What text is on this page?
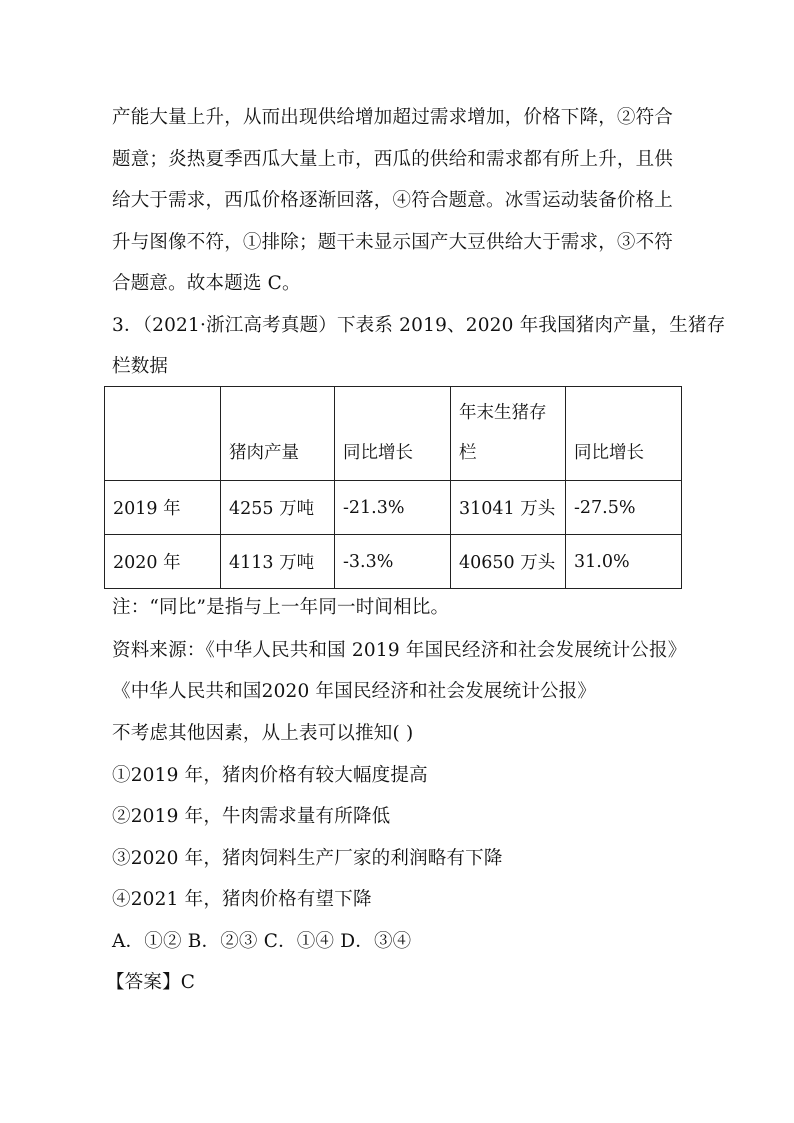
产能大量上升，从而出现供给增加超过需求增加，价格下降，②符合
题意；炎热夏季西瓜大量上市，西瓜的供给和需求都有所上升，且供
给大于需求，西瓜价格逐渐回落，④符合题意。冰雪运动装备价格上
升与图像不符，①排除；题干未显示国产大豆供给大于需求，③不符
合题意。故本题选 C。
3．（2021·浙江高考真题）下表系 2019、2020 年我国猪肉产量，生猪存
栏数据

	猪肉产量	同比增长	年末生猪存
栏	同比增长

2019 年	4255 万吨	-21.3%	31041 万头	-27.5%
2020 年	4113 万吨	-3.3%	40650 万头	31.0%
注：“同比”是指与上一年同一时间相比。
资料来源：《中华人民共和国 2019 年国民经济和社会发展统计公报》
《中华人民共和国2020 年国民经济和社会发展统计公报》
不考虑其他因素，从上表可以推知( )
①2019 年，猪肉价格有较大幅度提高
②2019 年，牛肉需求量有所降低
③2020 年，猪肉饲料生产厂家的利润略有下降
④2021 年，猪肉价格有望下降
A．①② B．②③ C．①④ D．③④
【答案】C
